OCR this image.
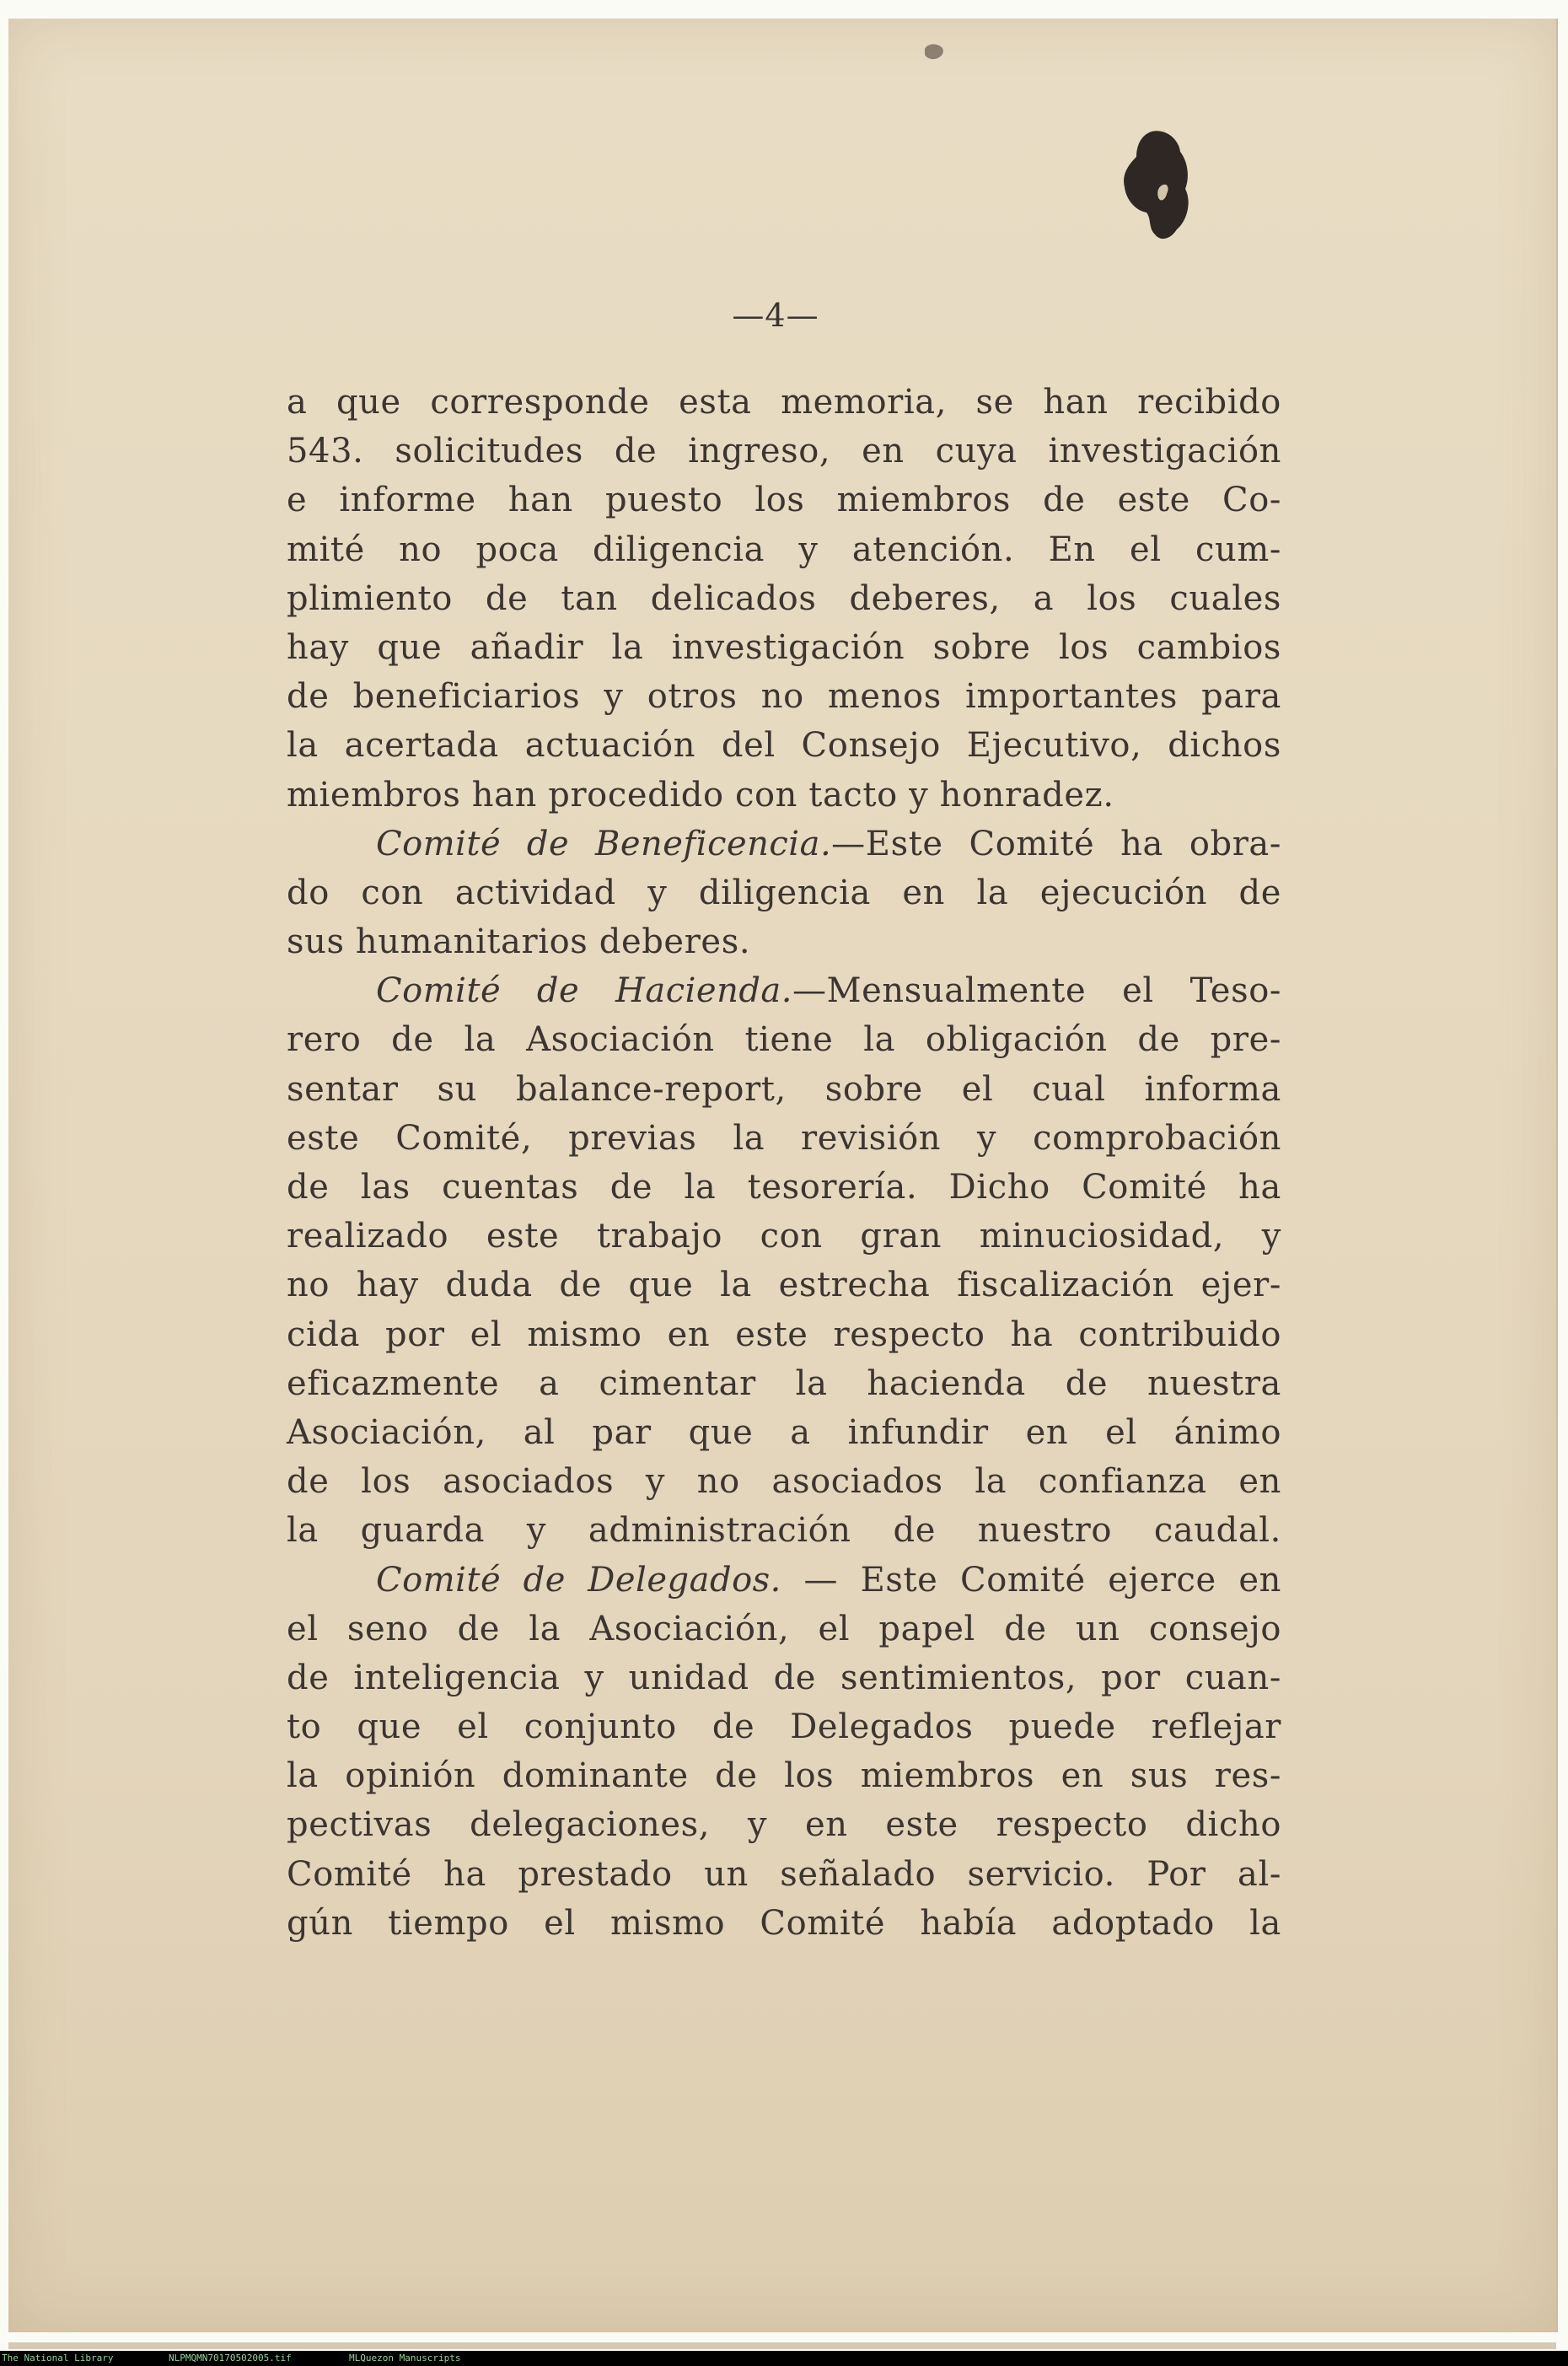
—4—
a que corresponde esta memoria, se han recibido
543. solicitudes de ingreso, en cuya investigación
e informe han puesto los miembros de este Co-
mité no poca diligencia y atención. En el cum-
plimiento de tan delicados deberes, a los cuales
hay que añadir la investigación sobre los cambios
de beneficiarios y otros no menos importantes para
la acertada actuación del Consejo Ejecutivo, dichos
miembros han procedido con tacto y honradez.
Comité de Beneficencia.—Este Comité ha obra-
do con actividad y diligencia en la ejecución de
sus humanitarios deberes.
Comité de Hacienda.—Mensualmente el Teso-
rero de la Asociación tiene la obligación de pre-
sentar su balance-report, sobre el cual informa
este Comité, previas la revisión y comprobación
de las cuentas de la tesorería. Dicho Comité ha
realizado este trabajo con gran minuciosidad, y
no hay duda de que la estrecha fiscalización ejer-
cida por el mismo en este respecto ha contribuido
eficazmente a cimentar la hacienda de nuestra
Asociación, al par que a infundir en el ánimo
de los asociados y no asociados la confianza en
la guarda y administración de nuestro caudal.
Comité de Delegados. — Este Comité ejerce en
el seno de la Asociación, el papel de un consejo
de inteligencia y unidad de sentimientos, por cuan-
to que el conjunto de Delegados puede reflejar
la opinión dominante de los miembros en sus res-
pectivas delegaciones, y en este respecto dicho
Comité ha prestado un señalado servicio. Por al-
gún tiempo el mismo Comité había adoptado la
The National Library	NLPMQMN70170502005.tif	MLQuezon Manuscripts
